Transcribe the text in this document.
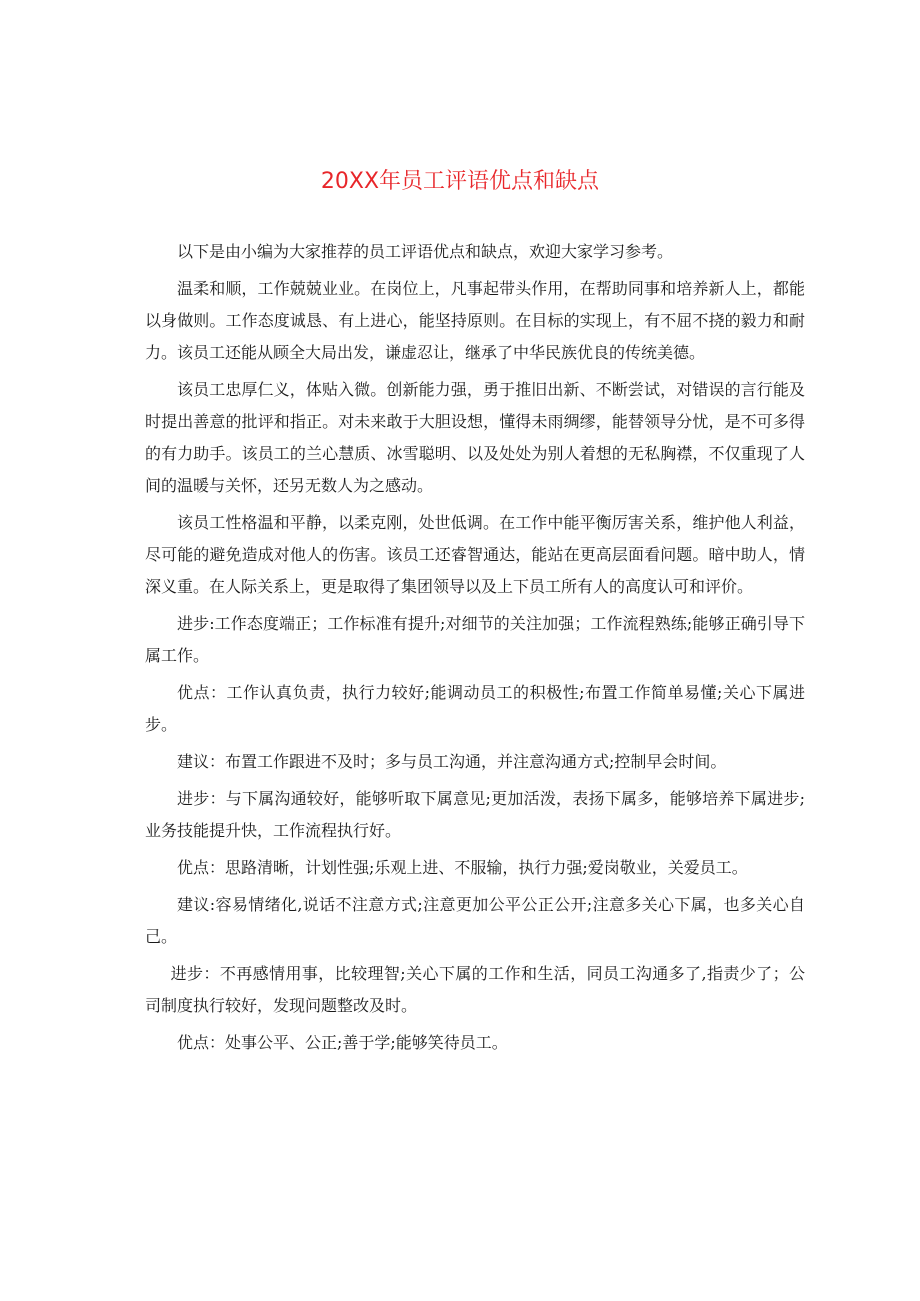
20XX年员工评语优点和缺点

以下是由小编为大家推荐的员工评语优点和缺点，欢迎大家学习参考。

温柔和顺，工作兢兢业业。在岗位上，凡事起带头作用，在帮助同事和培养新人上，都能以身做则。工作态度诚恳、有上进心，能坚持原则。在目标的实现上，有不屈不挠的毅力和耐力。该员工还能从顾全大局出发，谦虚忍让，继承了中华民族优良的传统美德。

该员工忠厚仁义，体贴入微。创新能力强，勇于推旧出新、不断尝试，对错误的言行能及时提出善意的批评和指正。对未来敢于大胆设想，懂得未雨绸缪，能替领导分忧，是不可多得的有力助手。该员工的兰心慧质、冰雪聪明、以及处处为别人着想的无私胸襟，不仅重现了人间的温暖与关怀，还另无数人为之感动。

该员工性格温和平静，以柔克刚，处世低调。在工作中能平衡厉害关系，维护他人利益，尽可能的避免造成对他人的伤害。该员工还睿智通达，能站在更高层面看问题。暗中助人，情深义重。在人际关系上，更是取得了集团领导以及上下员工所有人的高度认可和评价。

进步:工作态度端正；工作标准有提升;对细节的关注加强；工作流程熟练;能够正确引导下属工作。

优点：工作认真负责，执行力较好;能调动员工的积极性;布置工作简单易懂;关心下属进步。

建议：布置工作跟进不及时；多与员工沟通，并注意沟通方式;控制早会时间。

进步：与下属沟通较好，能够听取下属意见;更加活泼，表扬下属多，能够培养下属进步;业务技能提升快，工作流程执行好。

优点：思路清晰，计划性强;乐观上进、不服输，执行力强;爱岗敬业，关爱员工。

建议:容易情绪化,说话不注意方式;注意更加公平公正公开;注意多关心下属，也多关心自己。

进步：不再感情用事，比较理智;关心下属的工作和生活，同员工沟通多了,指责少了；公司制度执行较好，发现问题整改及时。

优点：处事公平、公正;善于学;能够笑待员工。
